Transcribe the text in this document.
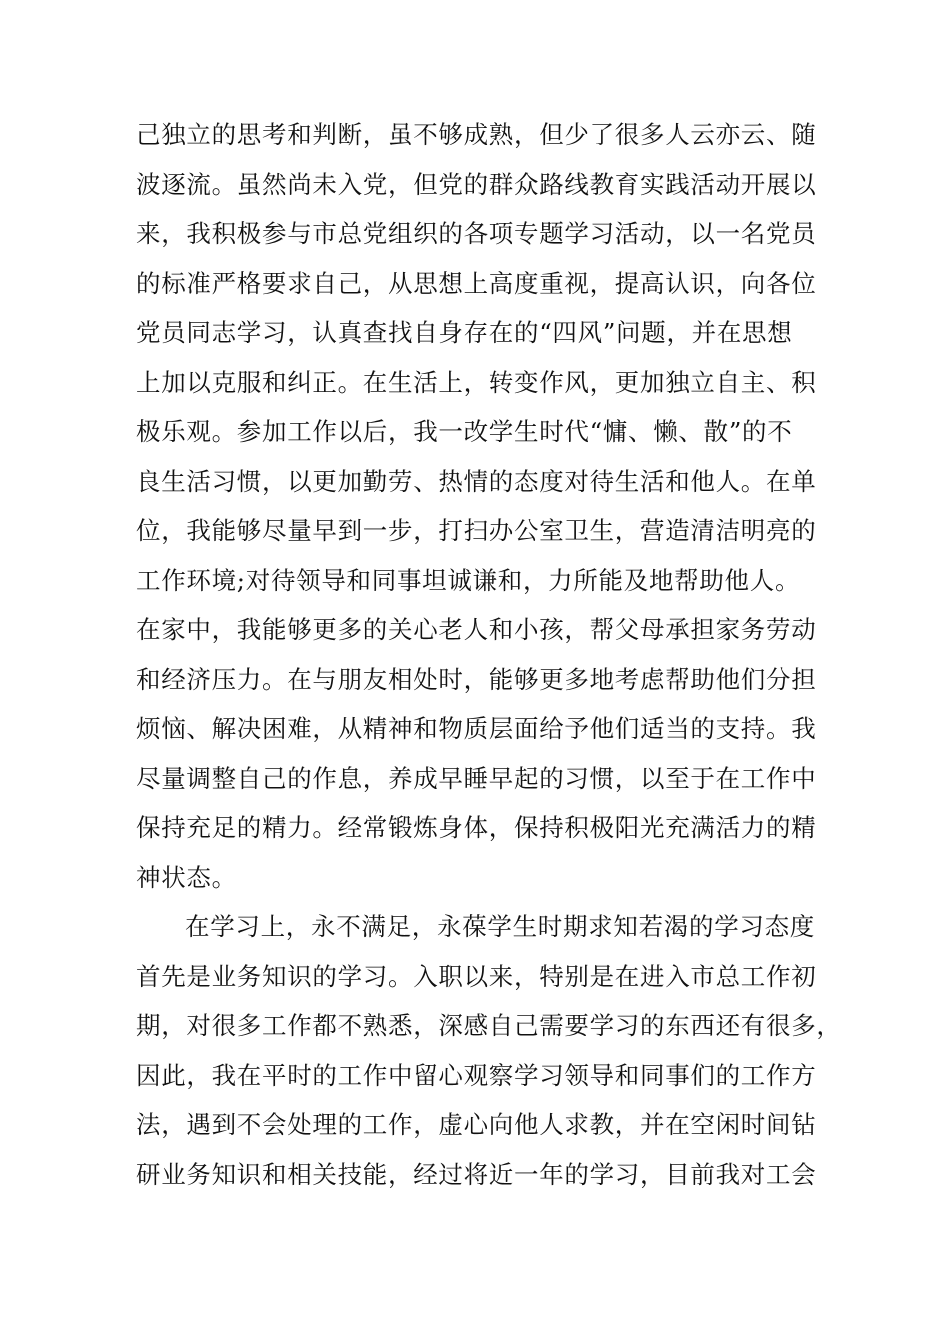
己独立的思考和判断，虽不够成熟，但少了很多人云亦云、随
波逐流。虽然尚未入党，但党的群众路线教育实践活动开展以
来，我积极参与市总党组织的各项专题学习活动，以一名党员
的标准严格要求自己，从思想上高度重视，提高认识，向各位
党员同志学习，认真查找自身存在的“四风”问题，并在思想
上加以克服和纠正。在生活上，转变作风，更加独立自主、积
极乐观。参加工作以后，我一改学生时代“慵、懒、散”的不
良生活习惯，以更加勤劳、热情的态度对待生活和他人。在单
位，我能够尽量早到一步，打扫办公室卫生，营造清洁明亮的
工作环境;对待领导和同事坦诚谦和，力所能及地帮助他人。
在家中，我能够更多的关心老人和小孩，帮父母承担家务劳动
和经济压力。在与朋友相处时，能够更多地考虑帮助他们分担
烦恼、解决困难，从精神和物质层面给予他们适当的支持。我
尽量调整自己的作息，养成早睡早起的习惯，以至于在工作中
保持充足的精力。经常锻炼身体，保持积极阳光充满活力的精
神状态。
在学习上，永不满足，永葆学生时期求知若渴的学习态度
首先是业务知识的学习。入职以来，特别是在进入市总工作初
期，对很多工作都不熟悉，深感自己需要学习的东西还有很多，
因此，我在平时的工作中留心观察学习领导和同事们的工作方
法，遇到不会处理的工作，虚心向他人求教，并在空闲时间钻
研业务知识和相关技能，经过将近一年的学习，目前我对工会
